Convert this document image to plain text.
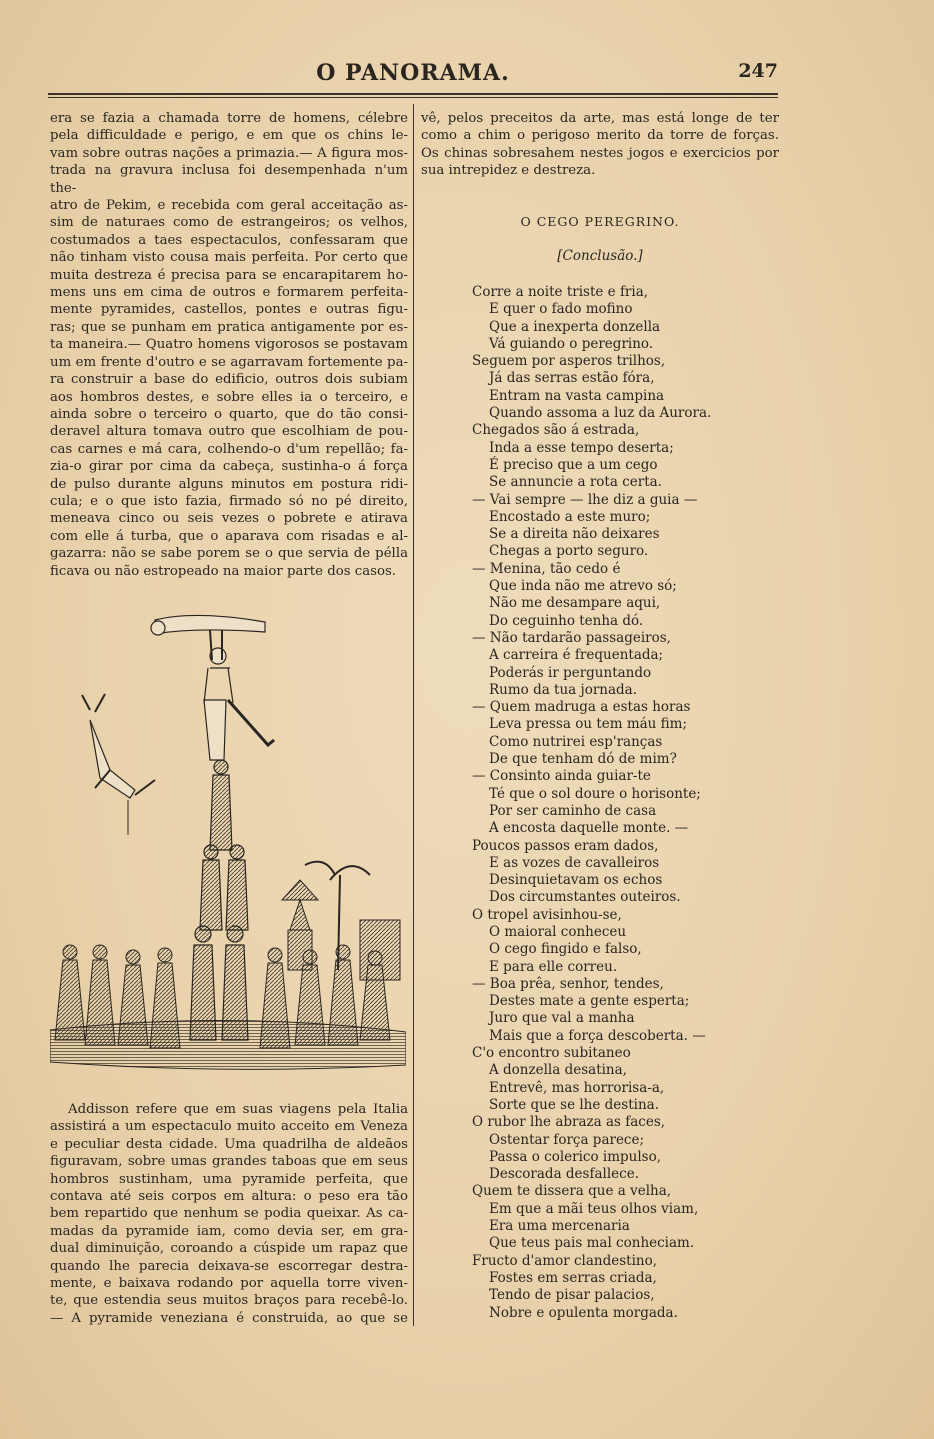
O PANORAMA.	247

era se fazia a chamada torre de homens, célebre

pela difficuldade e perigo, e em que os chins le-

vam sobre outras nações a primazia.— A figura mos-

trada na gravura inclusa foi desempenhada n'um the-

atro de Pekim, e recebida com geral acceitação as-

sim de naturaes como de estrangeiros; os velhos,

costumados a taes espectaculos, confessaram que

não tinham visto cousa mais perfeita. Por certo que

muita destreza é precisa para se encarapitarem ho-

mens uns em cima de outros e formarem perfeita-

mente pyramides, castellos, pontes e outras figu-

ras; que se punham em pratica antigamente por es-

ta maneira.— Quatro homens vigorosos se postavam

um em frente d'outro e se agarravam fortemente pa-

ra construir a base do edificio, outros dois subiam

aos hombros destes, e sobre elles ia o terceiro, e

ainda sobre o terceiro o quarto, que do tão consi-

deravel altura tomava outro que escolhiam de pou-

cas carnes e má cara, colhendo-o d'um repellão; fa-

zia-o girar por cima da cabeça, sustinha-o á força

de pulso durante alguns minutos em postura ridi-

cula; e o que isto fazia, firmado só no pé direito,

meneava cinco ou seis vezes o pobrete e atirava

com elle á turba, que o aparava com risadas e al-

gazarra: não se sabe porem se o que servia de pélla

ficava ou não estropeado na maior parte dos casos.

Addisson refere que em suas viagens pela Italia

assistirá a um espectaculo muito acceito em Veneza

e peculiar desta cidade. Uma quadrilha de aldeãos

figuravam, sobre umas grandes taboas que em seus

hombros sustinham, uma pyramide perfeita, que

contava até seis corpos em altura: o peso era tão

bem repartido que nenhum se podia queixar. As ca-

madas da pyramide iam, como devia ser, em gra-

dual diminuição, coroando a cúspide um rapaz que

quando lhe parecia deixava-se escorregar destra-

mente, e baixava rodando por aquella torre viven-

te, que estendia seus muitos braços para recebê-lo.

— A pyramide veneziana é construida, ao que se

vê, pelos preceitos da arte, mas está longe de ter

como a chim o perigoso merito da torre de forças.

Os chinas sobresahem nestes jogos e exercicios por

sua intrepidez e destreza.

O CEGO PEREGRINO.
[Conclusão.]
Corre a noite triste e fria,
E quer o fado mofino
Que a inexperta donzella
Vá guiando o peregrino.
Seguem por asperos trilhos,
Já das serras estão fóra,
Entram na vasta campina
Quando assoma a luz da Aurora.
Chegados são á estrada,
Inda a esse tempo deserta;
É preciso que a um cego
Se annuncie a rota certa.
— Vai sempre — lhe diz a guia —
Encostado a este muro;
Se a direita não deixares
Chegas a porto seguro.
— Menina, tão cedo é
Que inda não me atrevo só;
Não me desampare aqui,
Do ceguinho tenha dó.
— Não tardarão passageiros,
A carreira é frequentada;
Poderás ir perguntando
Rumo da tua jornada.
— Quem madruga a estas horas
Leva pressa ou tem máu fim;
Como nutrirei esp'ranças
De que tenham dó de mim?
— Consinto ainda guiar-te
Té que o sol doure o horisonte;
Por ser caminho de casa
A encosta daquelle monte. —
Poucos passos eram dados,
E as vozes de cavalleiros
Desinquietavam os echos
Dos circumstantes outeiros.
O tropel avisinhou-se,
O maioral conheceu
O cego fingido e falso,
E para elle correu.
— Boa prêa, senhor, tendes,
Destes mate a gente esperta;
Juro que val a manha
Mais que a força descoberta. —
C'o encontro subitaneo
A donzella desatina,
Entrevê, mas horrorisa-a,
Sorte que se lhe destina.
O rubor lhe abraza as faces,
Ostentar força parece;
Passa o colerico impulso,
Descorada desfallece.
Quem te dissera que a velha,
Em que a mãi teus olhos viam,
Era uma mercenaria
Que teus pais mal conheciam.
Fructo d'amor clandestino,
Fostes em serras criada,
Tendo de pisar palacios,
Nobre e opulenta morgada.
